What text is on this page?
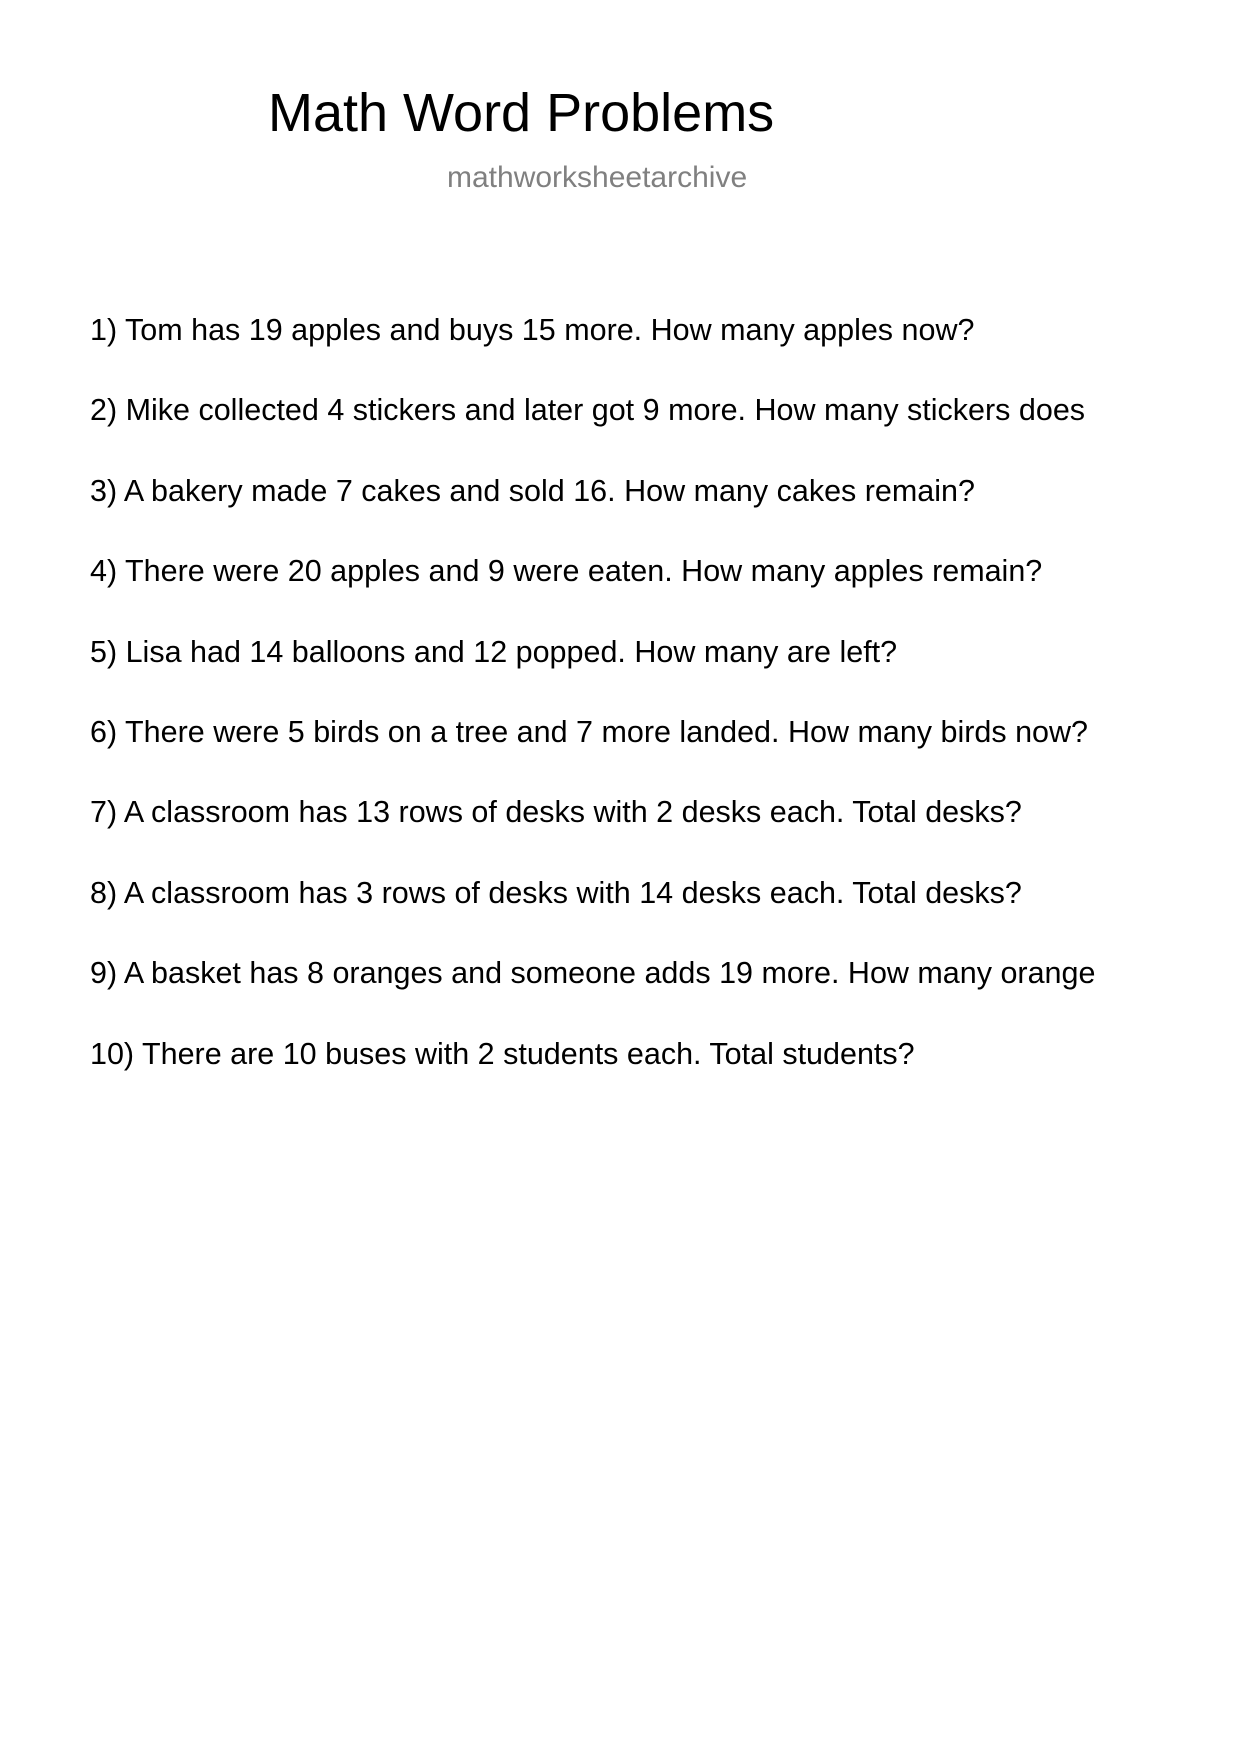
Math Word Problems
mathworksheetarchive
1) Tom has 19 apples and buys 15 more. How many apples now?
2) Mike collected 4 stickers and later got 9 more. How many stickers does
3) A bakery made 7 cakes and sold 16. How many cakes remain?
4) There were 20 apples and 9 were eaten. How many apples remain?
5) Lisa had 14 balloons and 12 popped. How many are left?
6) There were 5 birds on a tree and 7 more landed. How many birds now?
7) A classroom has 13 rows of desks with 2 desks each. Total desks?
8) A classroom has 3 rows of desks with 14 desks each. Total desks?
9) A basket has 8 oranges and someone adds 19 more. How many orange
10) There are 10 buses with 2 students each. Total students?
